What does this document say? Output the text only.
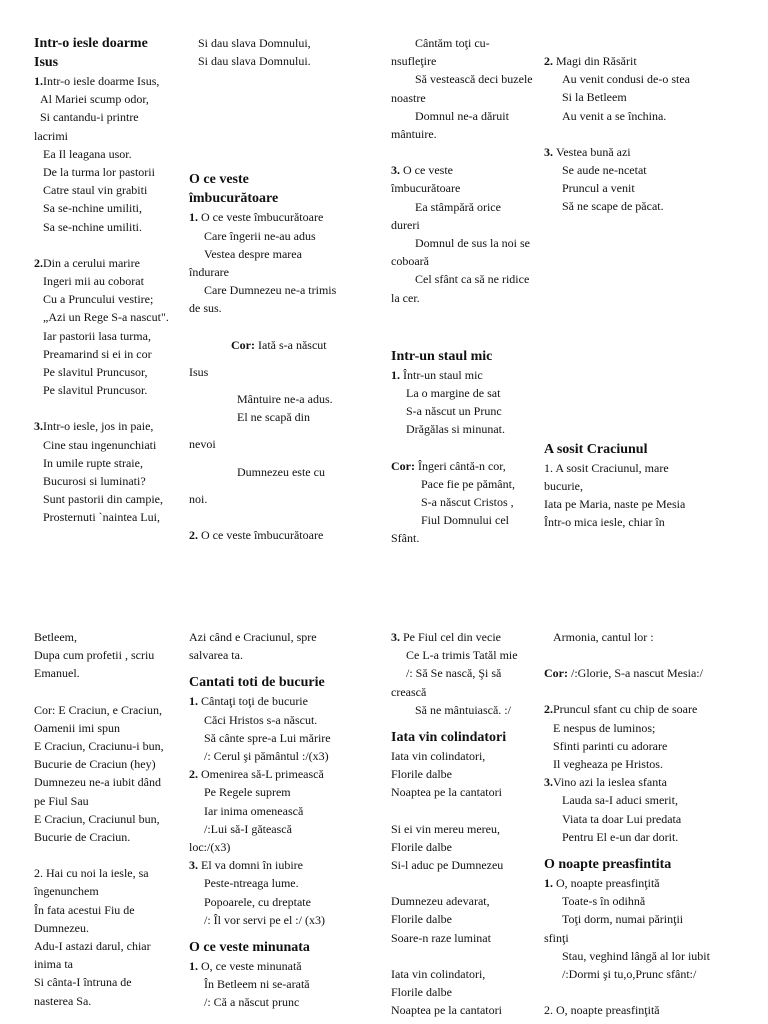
Intr-o iesle doarme
Isus
1.Intr-o iesle doarme Isus,
Al Mariei scump odor,
Si cantandu-i printre
lacrimi
Ea Il leagana usor.
De la turma lor pastorii
Catre staul vin grabiti
Sa se-nchine umiliti,
Sa se-nchine umiliti.
2.Din a cerului marire
Ingeri mii au coborat
Cu a Pruncului vestire;
„Azi un Rege S-a nascut".
Iar pastorii lasa turma,
Preamarind si ei in cor
Pe slavitul Pruncusor,
Pe slavitul Pruncusor.
3.Intr-o iesle, jos in paie,
Cine stau ingenunchiati
In umile rupte straie,
Bucurosi si luminati?
Sunt pastorii din campie,
Prosternuti `naintea Lui,
Si dau slava Domnului,
Si dau slava Domnului.
O ce veste
îmbucurătoare
1. O ce veste îmbucurătoare
Care îngerii ne-au adus
Vestea despre marea
îndurare
Care Dumnezeu ne-a trimis
de sus.
Cor: Iată s-a născut
Isus
Mântuire ne-a adus.
El ne scapă din
nevoi
Dumnezeu este cu
noi.
2. O ce veste îmbucurătoare
Cântăm toţi cu-
nsufleţire
Să vestească deci buzele
noastre
Domnul ne-a dăruit
mântuire.
3. O ce veste
îmbucurătoare
Ea stâmpără orice
dureri
Domnul de sus la noi se
coboară
Cel sfânt ca să ne ridice
la cer.
Intr-un staul mic
1. Într-un staul mic
La o margine de sat
S-a născut un Prunc
Drăgălas si minunat.
Cor: Îngeri cântă-n cor,
Pace fie pe pământ,
S-a născut Cristos ,
Fiul Domnului cel
Sfânt.
2. Magi din Răsărit
Au venit condusi de-o stea
Si la Betleem
Au venit a se închina.
3. Vestea bună azi
Se aude ne-ncetat
Pruncul a venit
Să ne scape de păcat.
A sosit Craciunul
1. A sosit Craciunul, mare
bucurie,
Iata pe Maria, naste pe Mesia
Într-o mica iesle, chiar în
Betleem,
Dupa cum profetii , scriu
Emanuel.
Cor: E Craciun, e Craciun,
Oamenii imi spun
E Craciun, Craciunu-i bun,
Bucurie de Craciun (hey)
Dumnezeu ne-a iubit dând
pe Fiul Sau
E Craciun, Craciunul bun,
Bucurie de Craciun.
2. Hai cu noi la iesle, sa
îngenunchem
În fata acestui Fiu de
Dumnezeu.
Adu-I astazi darul, chiar
inima ta
Si cânta-I întruna de
nasterea Sa.
Azi când e Craciunul, spre
salvarea ta.
Cantati toti de bucurie
1. Cântaţi toţi de bucurie
Căci Hristos s-a născut.
Să cânte spre-a Lui mărire
/: Cerul şi pământul :/(x3)
2. Omenirea să-L primească
Pe Regele suprem
Iar inima omenească
/:Lui să-I gătească
loc:/(x3)
3. El va domni în iubire
Peste-ntreaga lume.
Popoarele, cu dreptate
/: Îl vor servi pe el :/ (x3)
O ce veste minunata
1. O, ce veste minunată
În Betleem ni se-arată
/: Că a născut prunc
3. Pe Fiul cel din vecie
Ce L-a trimis Tatăl mie
/: Să Se nască, Şi să
crească
Să ne mântuiască. :/
Iata vin colindatori
Iata vin colindatori,
Florile dalbe
Noaptea pe la cantatori
Si ei vin mereu mereu,
Florile dalbe
Si-l aduc pe Dumnezeu
Dumnezeu adevarat,
Florile dalbe
Soare-n raze luminat
Iata vin colindatori,
Florile dalbe
Noaptea pe la cantatori
Armonia, cantul lor :
Cor: /:Glorie, S-a nascut Mesia:/
2.Pruncul sfant cu chip de soare
E nespus de luminos;
Sfinti parinti cu adorare
Il vegheaza pe Hristos.
3.Vino azi la ieslea sfanta
Lauda sa-I aduci smerit,
Viata ta doar Lui predata
Pentru El e-un dar dorit.
O noapte preasfintita
1. O, noapte preasfinţită
Toate-s în odihnă
Toţi dorm, numai părinţii
sfinţi
Stau, veghind lângă al lor iubit
/:Dormi şi tu,o,Prunc sfânt:/
2. O, noapte preasfinţită
